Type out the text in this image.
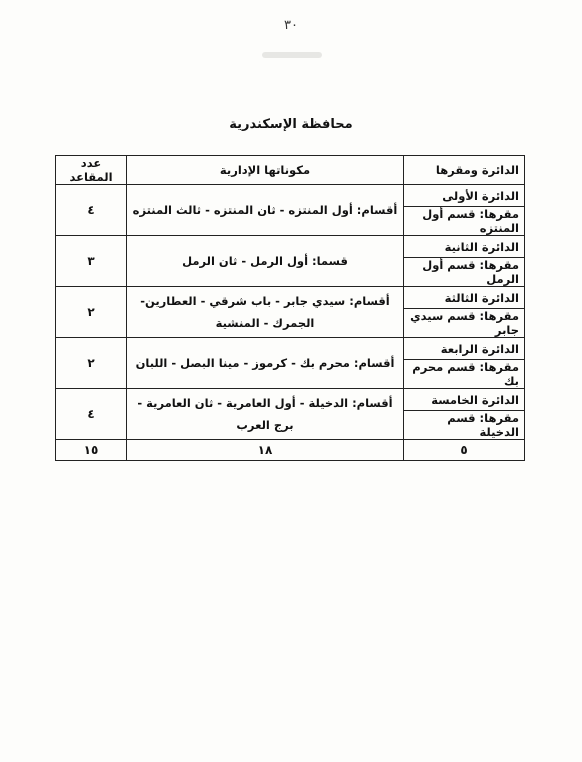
٣٠
محافظة الإسكندرية
الدائرة ومقرها	مكوناتها الإدارية	عدد المقاعد
الدائرة الأولى	أقسام: أول المنتزه - ثان المنتزه - ثالث المنتزه	٤
مقرها: قسم أول المنتزه		
الدائرة الثانية	قسما: أول الرمل - ثان الرمل	٣
مقرها: قسم أول الرمل		
الدائرة الثالثة	أقسام: سيدي جابر - باب شرقي - العطارين- الجمرك - المنشية	٢
مقرها: قسم سيدي جابر		
الدائرة الرابعة	أقسام: محرم بك - كرموز - مينا البصل - اللبان	٢
مقرها: قسم محرم بك		
الدائرة الخامسة	أقسام: الدخيلة - أول العامرية - ثان العامرية - برج العرب	٤
مقرها: قسم الدخيلة		
٥	١٨	١٥
